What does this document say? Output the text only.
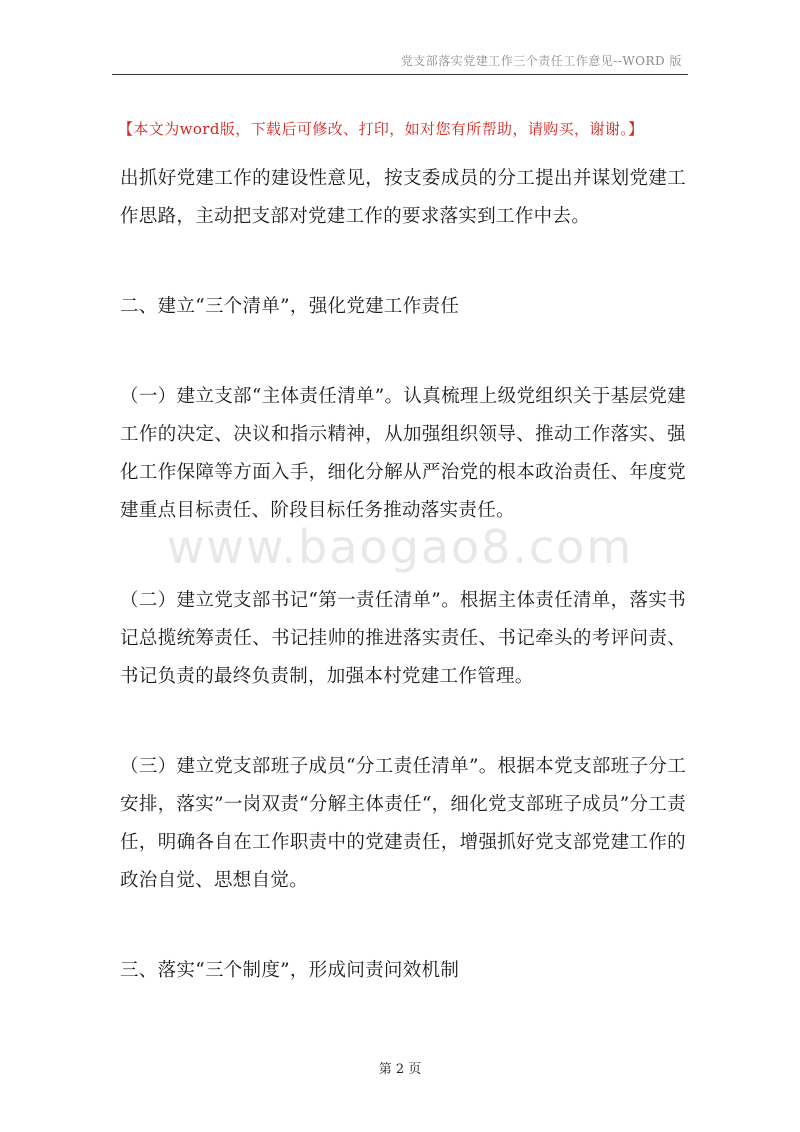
党支部落实党建工作三个责任工作意见--WORD 版
【本文为word版，下载后可修改、打印，如对您有所帮助，请购买，谢谢。】
www.baogao8.com

出抓好党建工作的建设性意见，按支委成员的分工提出并谋划党建工作思路，主动把支部对党建工作的要求落实到工作中去。

二、建立“三个清单”，强化党建工作责任

（一）建立支部“主体责任清单”。认真梳理上级党组织关于基层党建工作的决定、决议和指示精神，从加强组织领导、推动工作落实、强化工作保障等方面入手，细化分解从严治党的根本政治责任、年度党建重点目标责任、阶段目标任务推动落实责任。

（二）建立党支部书记“第一责任清单”。根据主体责任清单，落实书记总揽统筹责任、书记挂帅的推进落实责任、书记牵头的考评问责、书记负责的最终负责制，加强本村党建工作管理。

（三）建立党支部班子成员“分工责任清单”。根据本党支部班子分工安排，落实”一岗双责“分解主体责任“，细化党支部班子成员”分工责任，明确各自在工作职责中的党建责任，增强抓好党支部党建工作的政治自觉、思想自觉。

三、落实“三个制度”，形成问责问效机制

第 2 页
